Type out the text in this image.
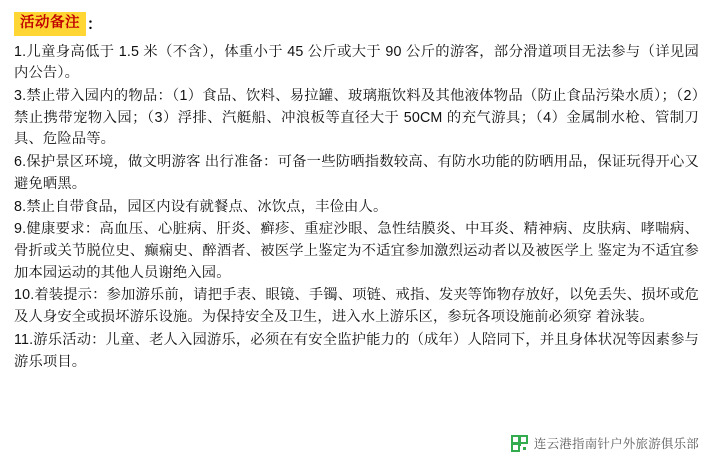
活动备注 ：

1.儿童身高低于 1.5 米（不含），体重小于 45 公斤或大于 90 公斤的游客，部分滑道项目无法参与（详见园内公告）。

3.禁止带入园内的物品：（1）食品、饮料、易拉罐、玻璃瓶饮料及其他液体物品（防止食品污染水质）；（2）禁止携带宠物入园；（3）浮排、汽艇船、冲浪板等直径大于 50CM 的充气游具；（4）金属制水枪、管制刀具、危险品等。

6.保护景区环境，做文明游客 出行准备：可备一些防晒指数较高、有防水功能的防晒用品，保证玩得开心又避免晒黑。

8.禁止自带食品，园区内设有就餐点、冰饮点，丰俭由人。

9.健康要求：高血压、心脏病、肝炎、癣疹、重症沙眼、急性结膜炎、中耳炎、精神病、皮肤病、哮喘病、骨折或关节脱位史、癫痫史、醉酒者、被医学上鉴定为不适宜参加激烈运动者以及被医学上 鉴定为不适宜参加本园运动的其他人员谢绝入园。

10.着装提示：参加游乐前，请把手表、眼镜、手镯、项链、戒指、发夹等饰物存放好，以免丢失、损坏或危及人身安全或损坏游乐设施。为保持安全及卫生，进入水上游乐区，参玩各项设施前必须穿 着泳装。

11.游乐活动：儿童、老人入园游乐，必须在有安全监护能力的（成年）人陪同下，并且身体状况等因素参与游乐项目。

连云港指南针户外旅游俱乐部
